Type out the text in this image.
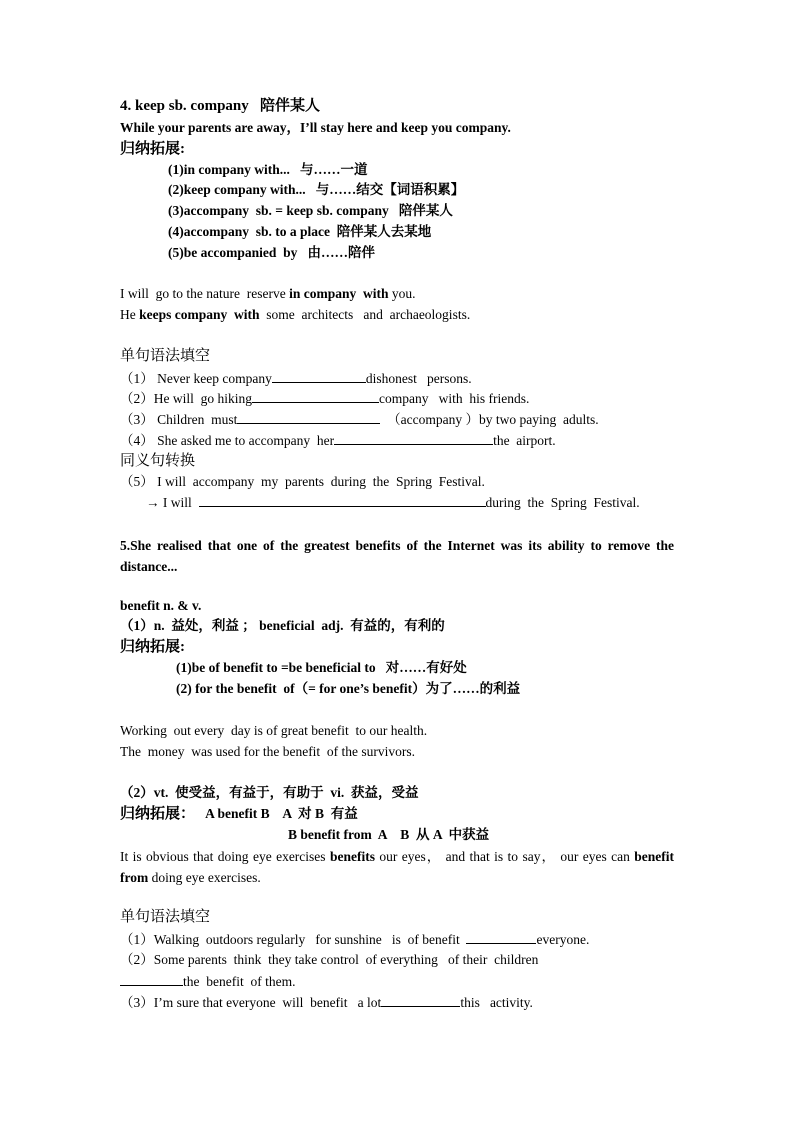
4. keep sb. company   陪伴某人
While your parents are away，I’ll stay here and keep you company.
归纳拓展:
(1)in company with...   与……一道
(2)keep company with...   与……结交【词语积累】
(3)accompany  sb. = keep sb. company   陪伴某人
(4)accompany  sb. to a place  陪伴某人去某地
(5)be accompanied  by   由……陪伴
I will  go to the nature  reserve in company  with you.
He keeps company  with  some  architects   and  archaeologists.
单句语法填空
（1） Never keep company	dishonest   persons.
（2）He will  go hiking	company   with  his friends.
（3） Children  must	（accompany ）by two paying  adults.
（4） She asked me to accompany  her	the  airport.
同义句转换
（5） I will  accompany  my  parents  during  the  Spring  Festival.
→ I will	during  the  Spring  Festival.
5.She realised that one of the greatest benefits of the Internet was its ability to remove the distance...
benefit n. & v.
（1）n.  益处，利益 ； beneficial  adj.  有益的，有利的
归纳拓展:
(1)be of benefit to =be beneficial to   对……有好处
(2) for the benefit  of（= for one’s benefit）为了……的利益
Working  out every  day is of great benefit  to our health.
The  money  was used for the benefit  of the survivors.
（2）vt.  使受益，有益于，有助于  vi.  获益，受益
归纳拓展： A benefit B    A  对 B  有益
B benefit from  A    B  从 A  中获益
It is obvious that doing eye exercises benefits our eyes， and that is to say， our eyes can benefit from doing eye exercises.
单句语法填空
（1）Walking  outdoors regularly   for sunshine   is  of benefit	everyone.
（2）Some parents  think  they take control  of everything   of their  children
the  benefit  of them.
（3）I’m sure that everyone  will  benefit   a lot	this   activity.
